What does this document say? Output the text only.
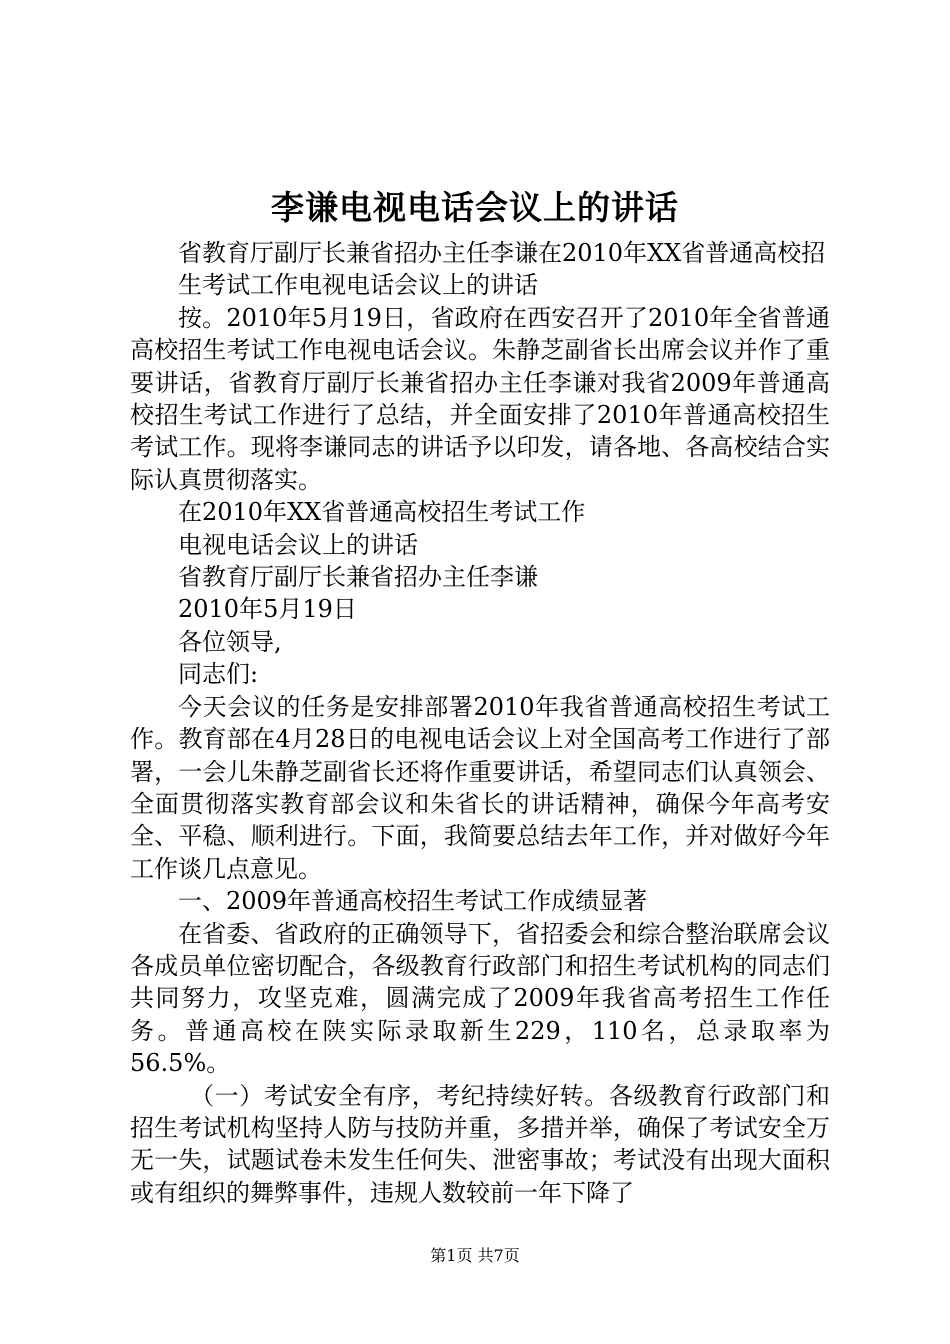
李谦电视电话会议上的讲话

省教育厅副厅长兼省招办主任李谦在2010年XX省普通高校招

生考试工作电视电话会议上的讲话

按。2010年5月19日，省政府在西安召开了2010年全省普通高校招生考试工作电视电话会议。朱静芝副省长出席会议并作了重要讲话，省教育厅副厅长兼省招办主任李谦对我省2009年普通高校招生考试工作进行了总结，并全面安排了2010年普通高校招生考试工作。现将李谦同志的讲话予以印发，请各地、各高校结合实际认真贯彻落实。

在2010年XX省普通高校招生考试工作

电视电话会议上的讲话

省教育厅副厅长兼省招办主任李谦

2010年5月19日

各位领导,

同志们:

今天会议的任务是安排部署2010年我省普通高校招生考试工作。教育部在4月28日的电视电话会议上对全国高考工作进行了部署，一会儿朱静芝副省长还将作重要讲话，希望同志们认真领会、全面贯彻落实教育部会议和朱省长的讲话精神，确保今年高考安全、平稳、顺利进行。下面，我简要总结去年工作，并对做好今年工作谈几点意见。

一、2009年普通高校招生考试工作成绩显著

在省委、省政府的正确领导下，省招委会和综合整治联席会议各成员单位密切配合，各级教育行政部门和招生考试机构的同志们共同努力，攻坚克难，圆满完成了2009年我省高考招生工作任务。普通高校在陕实际录取新生229，110名，总录取率为56.5%。

（一）考试安全有序，考纪持续好转。各级教育行政部门和招生考试机构坚持人防与技防并重，多措并举，确保了考试安全万无一失，试题试卷未发生任何失、泄密事故；考试没有出现大面积或有组织的舞弊事件，违规人数较前一年下降了

第1页 共7页
